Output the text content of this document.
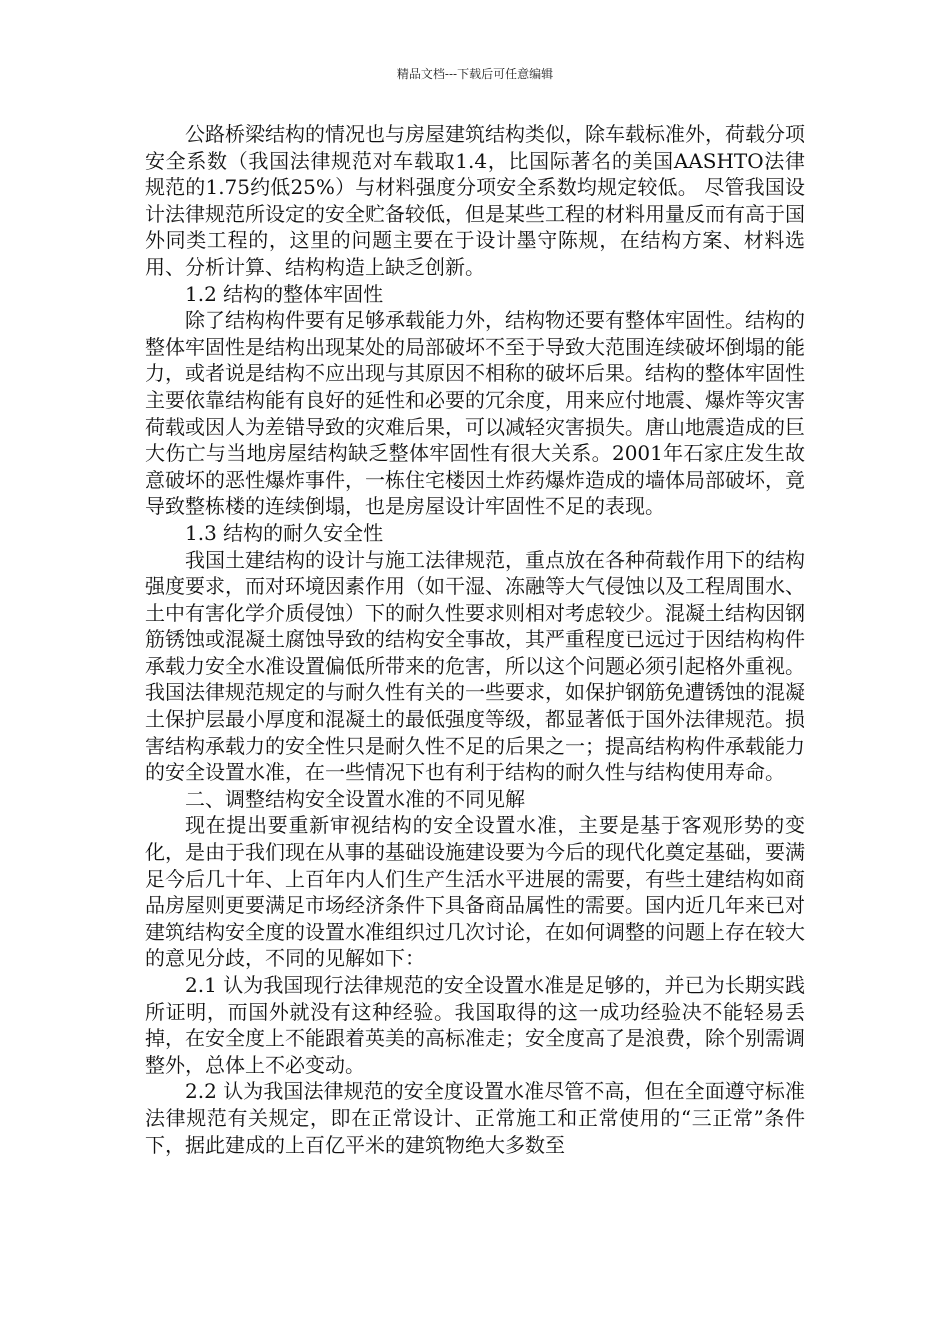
精品文档---下载后可任意编辑

公路桥梁结构的情况也与房屋建筑结构类似，除车载标准外，荷载分项安全系数（我国法律规范对车载取1.4，比国际著名的美国AASHTO法律规范的1.75约低25%）与材料强度分项安全系数均规定较低。 尽管我国设计法律规范所设定的安全贮备较低，但是某些工程的材料用量反而有高于国外同类工程的，这里的问题主要在于设计墨守陈规，在结构方案、材料选用、分析计算、结构构造上缺乏创新。

1.2 结构的整体牢固性

除了结构构件要有足够承载能力外，结构物还要有整体牢固性。结构的整体牢固性是结构出现某处的局部破坏不至于导致大范围连续破坏倒塌的能力，或者说是结构不应出现与其原因不相称的破坏后果。结构的整体牢固性主要依靠结构能有良好的延性和必要的冗余度，用来应付地震、爆炸等灾害荷载或因人为差错导致的灾难后果，可以减轻灾害损失。唐山地震造成的巨大伤亡与当地房屋结构缺乏整体牢固性有很大关系。2001年石家庄发生故意破坏的恶性爆炸事件，一栋住宅楼因土炸药爆炸造成的墙体局部破坏，竟导致整栋楼的连续倒塌，也是房屋设计牢固性不足的表现。

1.3 结构的耐久安全性

我国土建结构的设计与施工法律规范，重点放在各种荷载作用下的结构强度要求，而对环境因素作用（如干湿、冻融等大气侵蚀以及工程周围水、土中有害化学介质侵蚀）下的耐久性要求则相对考虑较少。混凝土结构因钢筋锈蚀或混凝土腐蚀导致的结构安全事故，其严重程度已远过于因结构构件承载力安全水准设置偏低所带来的危害，所以这个问题必须引起格外重视。我国法律规范规定的与耐久性有关的一些要求，如保护钢筋免遭锈蚀的混凝土保护层最小厚度和混凝土的最低强度等级，都显著低于国外法律规范。损害结构承载力的安全性只是耐久性不足的后果之一；提高结构构件承载能力的安全设置水准，在一些情况下也有利于结构的耐久性与结构使用寿命。

二、调整结构安全设置水准的不同见解

现在提出要重新审视结构的安全设置水准，主要是基于客观形势的变化，是由于我们现在从事的基础设施建设要为今后的现代化奠定基础，要满足今后几十年、上百年内人们生产生活水平进展的需要，有些土建结构如商品房屋则更要满足市场经济条件下具备商品属性的需要。国内近几年来已对建筑结构安全度的设置水准组织过几次讨论，在如何调整的问题上存在较大的意见分歧，不同的见解如下：

2.1 认为我国现行法律规范的安全设置水准是足够的，并已为长期实践所证明，而国外就没有这种经验。我国取得的这一成功经验决不能轻易丢掉，在安全度上不能跟着英美的高标准走；安全度高了是浪费，除个别需调整外，总体上不必变动。

2.2 认为我国法律规范的安全度设置水准尽管不高，但在全面遵守标准法律规范有关规定，即在正常设计、正常施工和正常使用的“三正常”条件下，据此建成的上百亿平米的建筑物绝大多数至
